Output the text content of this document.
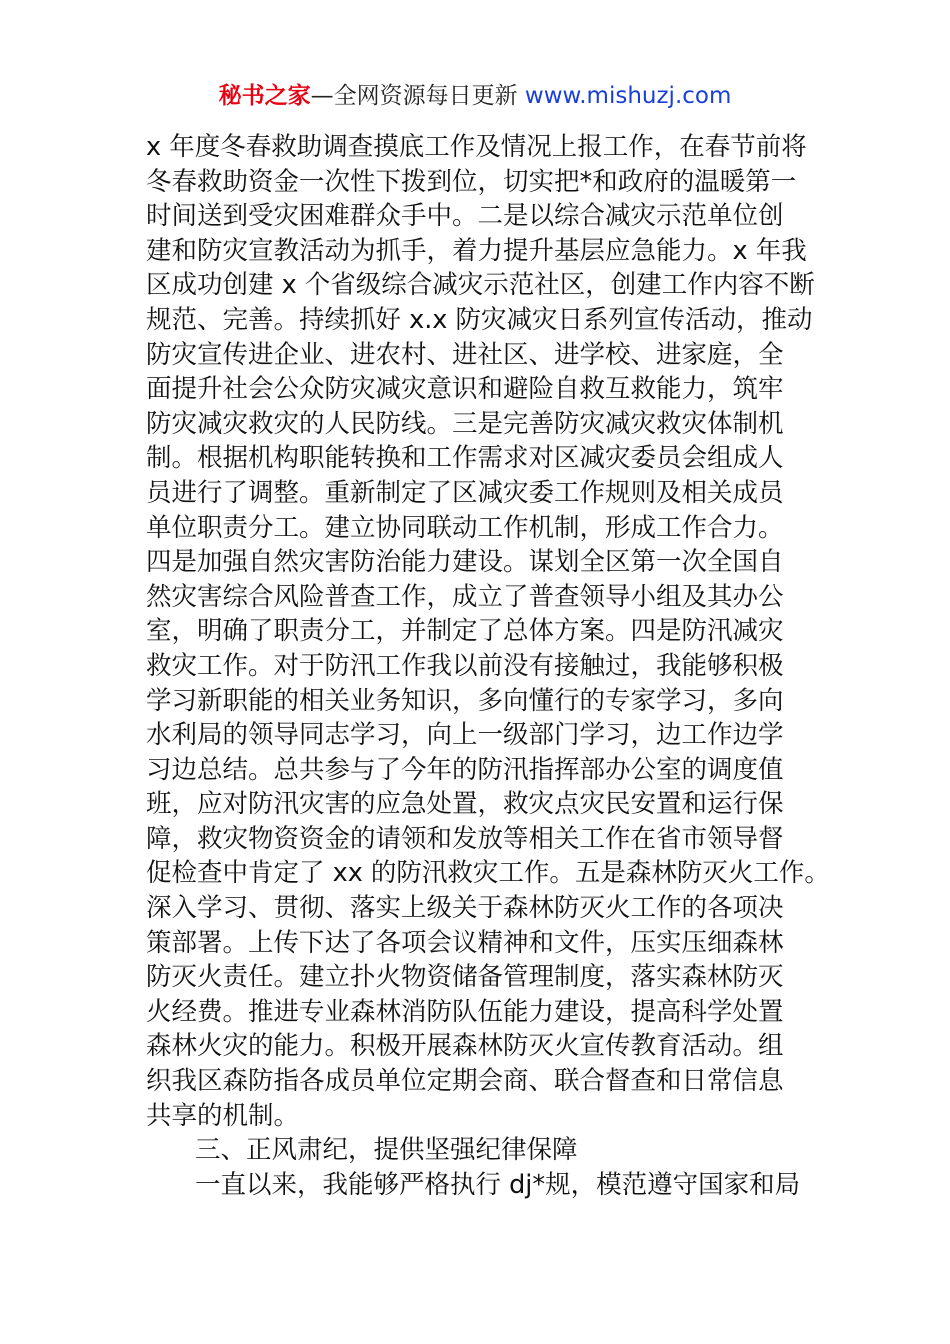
秘书之家—全网资源每日更新 www.mishuzj.com
x 年度冬春救助调查摸底工作及情况上报工作，在春节前将
冬春救助资金一次性下拨到位，切实把*和政府的温暖第一
时间送到受灾困难群众手中。二是以综合减灾示范单位创
建和防灾宣教活动为抓手，着力提升基层应急能力。x 年我
区成功创建 x 个省级综合减灾示范社区，创建工作内容不断
规范、完善。持续抓好 x.x 防灾减灾日系列宣传活动，推动
防灾宣传进企业、进农村、进社区、进学校、进家庭，全
面提升社会公众防灾减灾意识和避险自救互救能力，筑牢
防灾减灾救灾的人民防线。三是完善防灾减灾救灾体制机
制。根据机构职能转换和工作需求对区减灾委员会组成人
员进行了调整。重新制定了区减灾委工作规则及相关成员
单位职责分工。建立协同联动工作机制，形成工作合力。
四是加强自然灾害防治能力建设。谋划全区第一次全国自
然灾害综合风险普查工作，成立了普查领导小组及其办公
室，明确了职责分工，并制定了总体方案。四是防汛减灾
救灾工作。对于防汛工作我以前没有接触过，我能够积极
学习新职能的相关业务知识，多向懂行的专家学习，多向
水利局的领导同志学习，向上一级部门学习，边工作边学
习边总结。总共参与了今年的防汛指挥部办公室的调度值
班，应对防汛灾害的应急处置，救灾点灾民安置和运行保
障，救灾物资资金的请领和发放等相关工作在省市领导督
促检查中肯定了 xx 的防汛救灾工作。五是森林防灭火工作。
深入学习、贯彻、落实上级关于森林防灭火工作的各项决
策部署。上传下达了各项会议精神和文件，压实压细森林
防灭火责任。建立扑火物资储备管理制度，落实森林防灭
火经费。推进专业森林消防队伍能力建设，提高科学处置
森林火灾的能力。积极开展森林防灭火宣传教育活动。组
织我区森防指各成员单位定期会商、联合督查和日常信息
共享的机制。
三、正风肃纪，提供坚强纪律保障
一直以来，我能够严格执行 dj*规，模范遵守国家和局
